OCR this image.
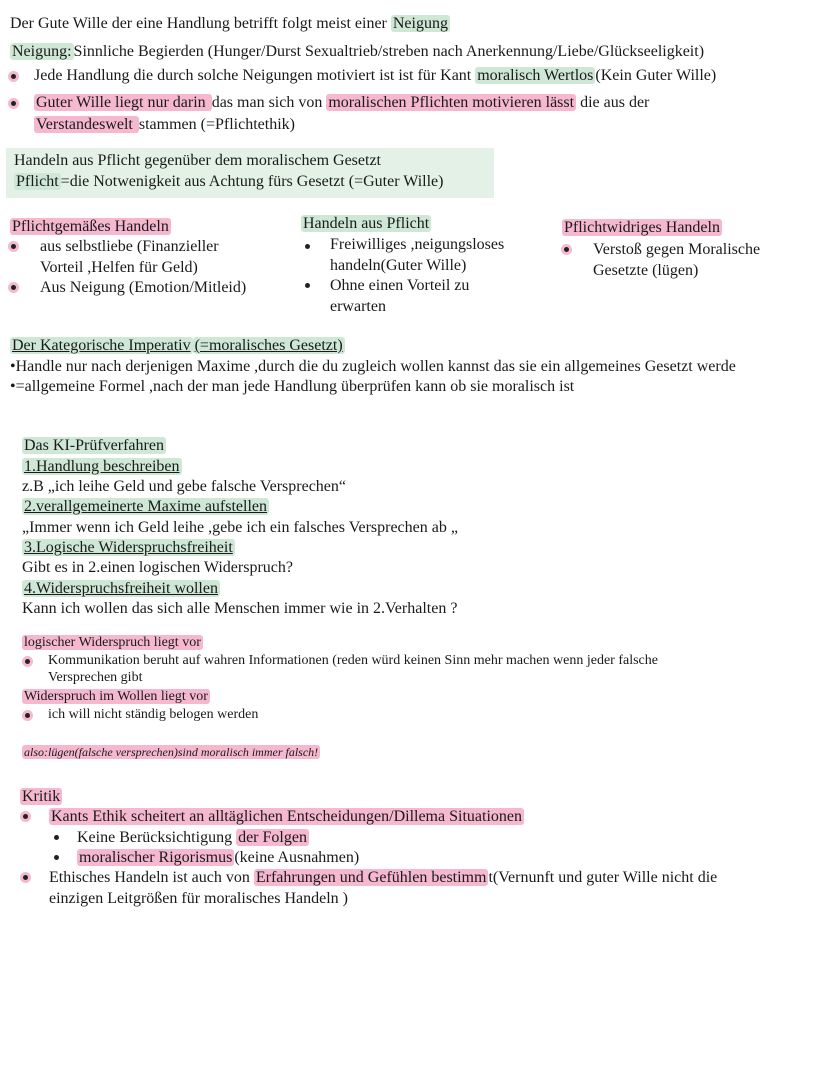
Der Gute Wille der eine Handlung betrifft folgt meist einer Neigung
Neigung: Sinnliche Begierden (Hunger/Durst Sexualtrieb/streben nach Anerkennung/Liebe/Glückseeligkeit)
Jede Handlung die durch solche Neigungen motiviert ist ist für Kant moralisch Wertlos (Kein Guter Wille)
Guter Wille liegt nur darin das man sich von moralischen Pflichten motivieren lässt die aus der
Verstandeswelt stammen (=Pflichtethik)
Handeln aus Pflicht gegenüber dem moralischem Gesetzt
Pflicht =die Notwenigkeit aus Achtung fürs Gesetzt (=Guter Wille)
Pflichtgemäßes Handeln
aus selbstliebe (Finanzieller
Vorteil ,Helfen für Geld)
Aus Neigung (Emotion/Mitleid)
Handeln aus Pflicht
Freiwilliges ,neigungsloses
handeln(Guter Wille)
Ohne einen Vorteil zu
erwarten
Pflichtwidriges Handeln
Verstoß gegen Moralische
Gesetzte (lügen)
Der Kategorische Imperativ (=moralisches Gesetzt)
•Handle nur nach derjenigen Maxime ,durch die du zugleich wollen kannst das sie ein allgemeines Gesetzt werde
•=allgemeine Formel ,nach der man jede Handlung überprüfen kann ob sie moralisch ist
Das KI-Prüfverfahren
1.Handlung beschreiben
z.B „ich leihe Geld und gebe falsche Versprechen“
2.verallgemeinerte Maxime aufstellen
„Immer wenn ich Geld leihe ,gebe ich ein falsches Versprechen ab „
3.Logische Widerspruchsfreiheit
Gibt es in 2.einen logischen Widerspruch?
4.Widerspruchsfreiheit wollen
Kann ich wollen das sich alle Menschen immer wie in 2.Verhalten ?
logischer Widerspruch liegt vor
Kommunikation beruht auf wahren Informationen (reden würd keinen Sinn mehr machen wenn jeder falsche
Versprechen gibt
Widerspruch im Wollen liegt vor
ich will nicht ständig belogen werden
also:lügen(falsche versprechen)sind moralisch immer falsch!
Kritik
Kants Ethik scheitert an alltäglichen Entscheidungen/Dillema Situationen
Keine Berücksichtigung der Folgen
moralischer Rigorismus (keine Ausnahmen)
Ethisches Handeln ist auch von Erfahrungen und Gefühlen bestimm t(Vernunft und guter Wille nicht die
einzigen Leitgrößen für moralisches Handeln )
